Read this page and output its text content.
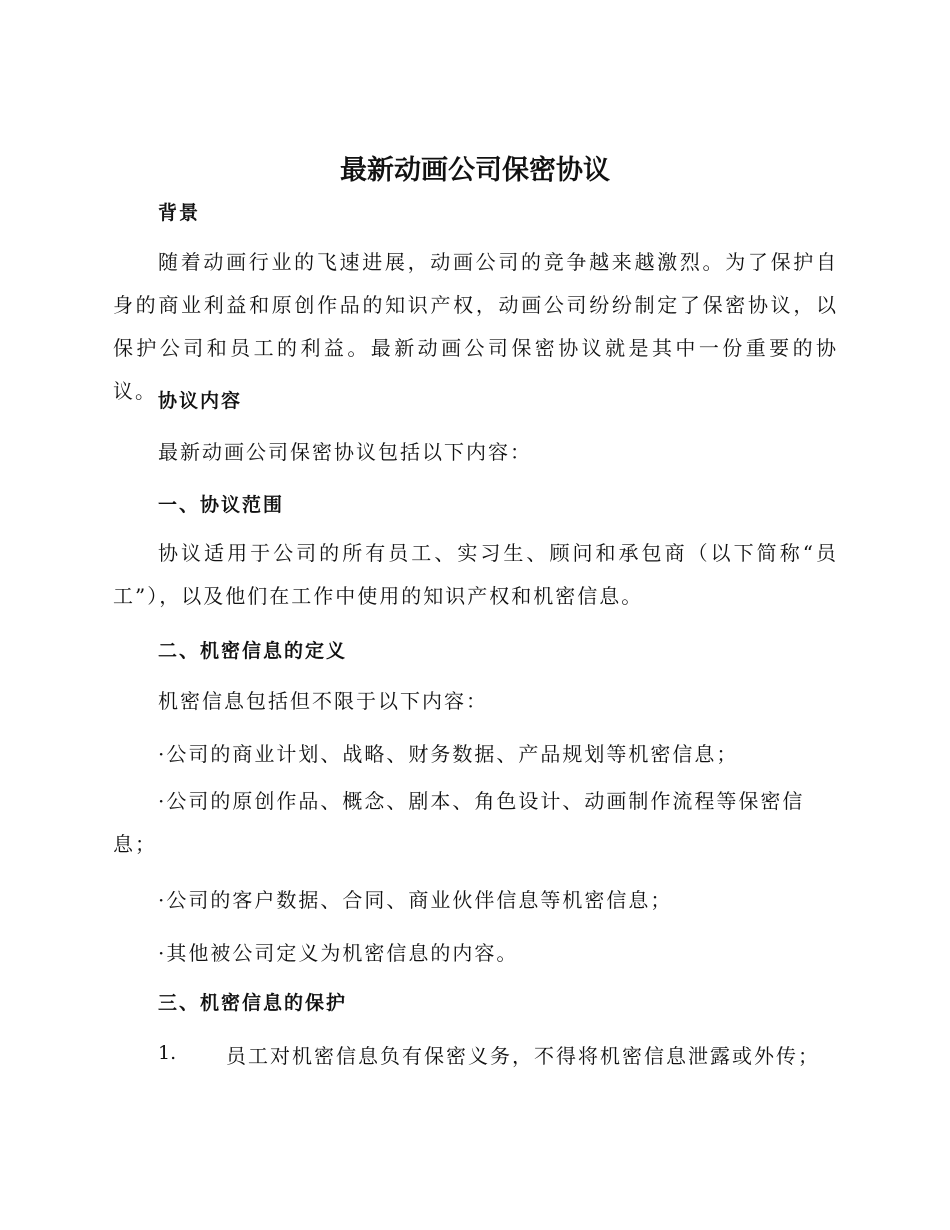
最新动画公司保密协议
背景
随着动画行业的飞速进展，动画公司的竞争越来越激烈。为了保护自身的商业利益和原创作品的知识产权，动画公司纷纷制定了保密协议，以保护公司和员工的利益。最新动画公司保密协议就是其中一份重要的协议。 协议内容
最新动画公司保密协议包括以下内容：
一、协议范围
协议适用于公司的所有员工、实习生、顾问和承包商（以下简称“员工”），以及他们在工作中使用的知识产权和机密信息。
二、机密信息的定义
机密信息包括但不限于以下内容：
·公司的商业计划、战略、财务数据、产品规划等机密信息；
·公司的原创作品、概念、剧本、角色设计、动画制作流程等保密信息；
·公司的客户数据、合同、商业伙伴信息等机密信息；
·其他被公司定义为机密信息的内容。
三、机密信息的保护
1. 员工对机密信息负有保密义务，不得将机密信息泄露或外传；
